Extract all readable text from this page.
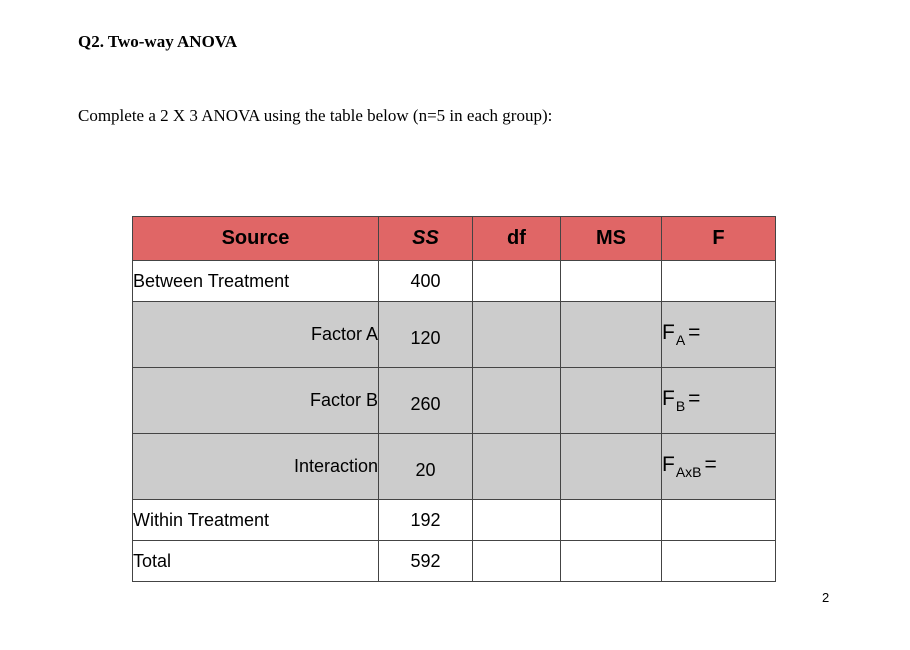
Q2. Two-way ANOVA
Complete a 2 X 3 ANOVA using the table below (n=5 in each group):
Source	SS	df	MS	F
Between Treatment	400			
Factor A	120			$F_A$ =
Factor B	260			$F_B$ =
Interaction	20			$F_{AxB}$ =
Within Treatment	192			
Total	592			
2
